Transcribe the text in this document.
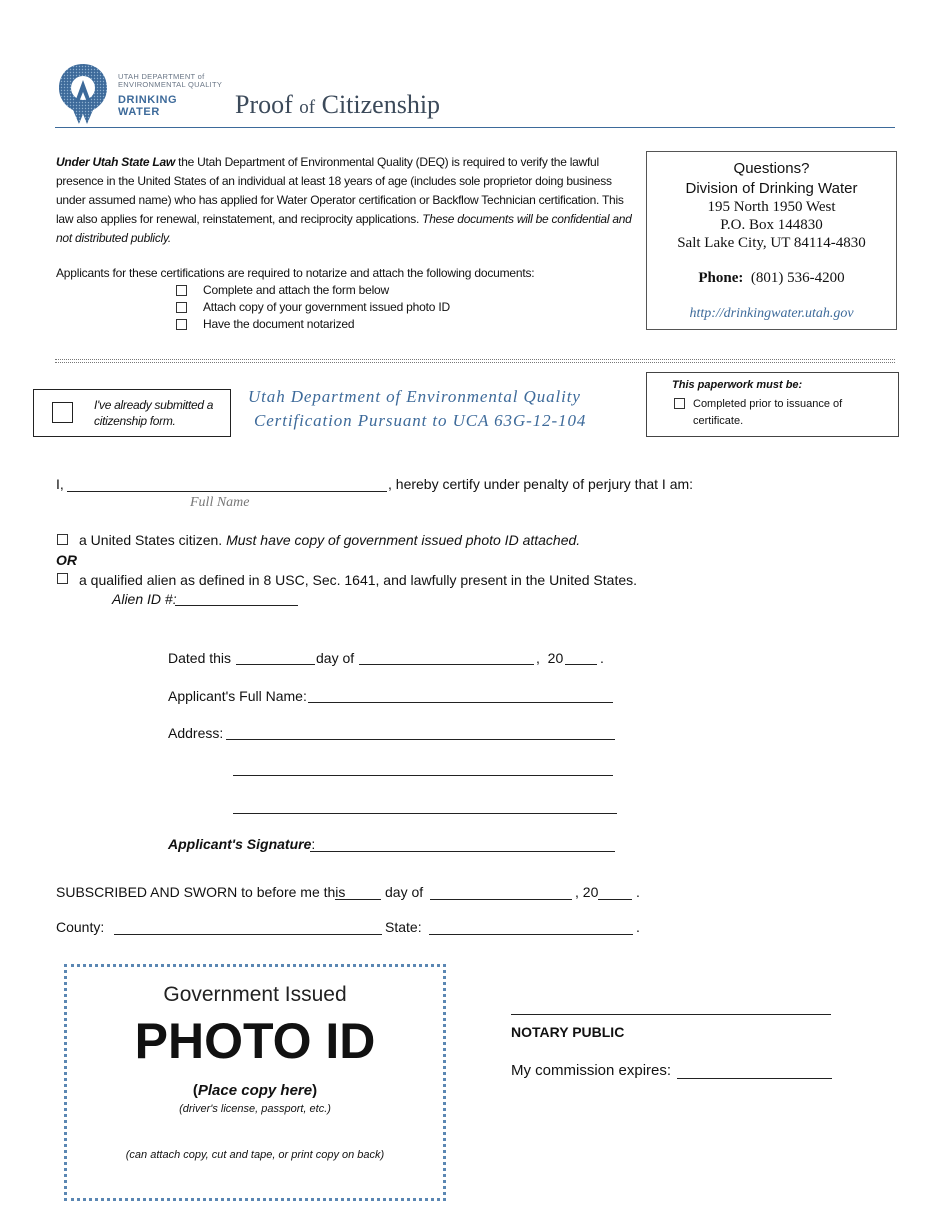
UTAH DEPARTMENT of
ENVIRONMENTAL QUALITY
DRINKING
WATER	Proof of Citizenship
Under Utah State Law the Utah Department of Environmental Quality (DEQ) is required to verify the lawful presence in the United States of an individual at least 18 years of age (includes sole proprietor doing business under assumed name) who has applied for Water Operator certification or Backflow Technician certification. This law also applies for renewal, reinstatement, and reciprocity applications. These documents will be confidential and not distributed publicly.
Applicants for these certifications are required to notarize and attach the following documents:
Complete and attach the form below
Attach copy of your government issued photo ID
Have the document notarized
Questions?
Division of Drinking Water
195 North 1950 West
P.O. Box 144830
Salt Lake City, UT 84114-4830
Phone: (801) 536-4200
http://drinkingwater.utah.gov
I've already submitted a
citizenship form.
Utah Department of Environmental Quality
Certification Pursuant to UCA 63G-12-104
This paperwork must be:
Completed prior to issuance of
certificate.
I,	, hereby certify under penalty of perjury that I am:
Full Name
a United States citizen. Must have copy of government issued photo ID attached.
OR
a qualified alien as defined in 8 USC, Sec. 1641, and lawfully present in the United States.
Alien ID #:
Dated this	day of	,  20	.
Applicant's Full Name:
Address:
Applicant's Signature:
SUBSCRIBED AND SWORN to before me this	day of	, 20	.
County:	State:	.
Government Issued
PHOTO ID
(Place copy here)
(driver's license, passport, etc.)
(can attach copy, cut and tape, or print copy on back)
NOTARY PUBLIC
My commission expires:
